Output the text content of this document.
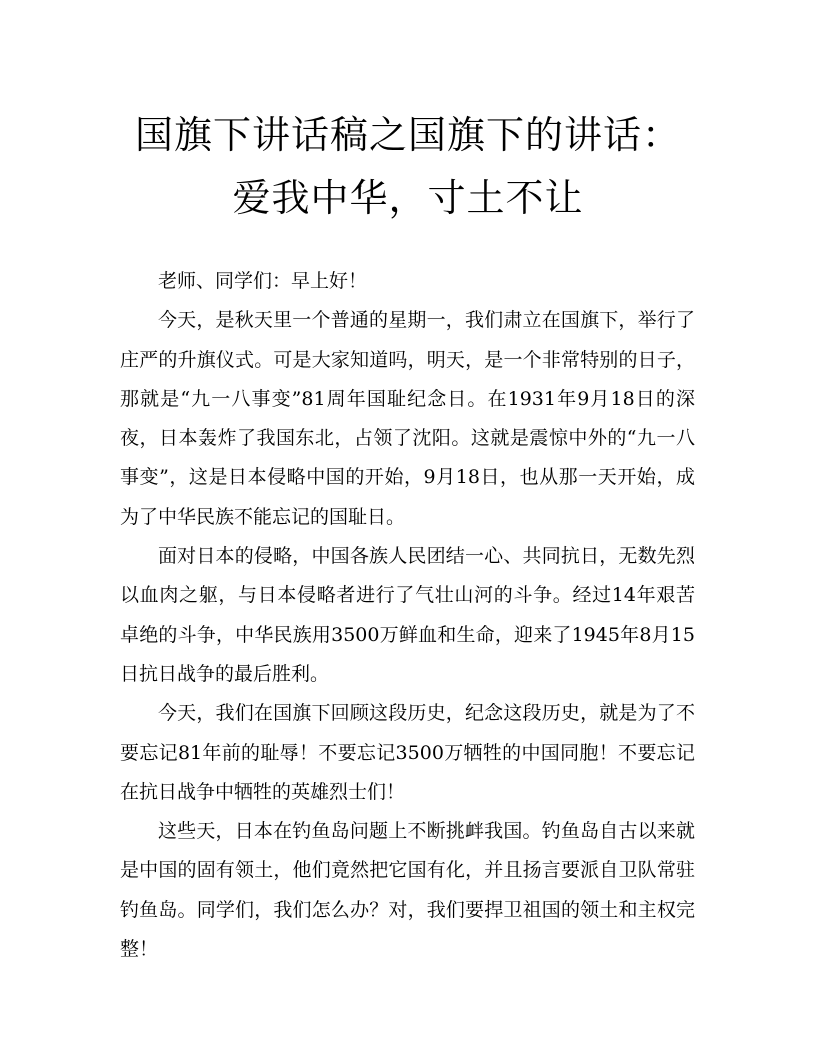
国旗下讲话稿之国旗下的讲话：爱我中华，寸土不让

老师、同学们：早上好！

今天，是秋天里一个普通的星期一，我们肃立在国旗下，举行了庄严的升旗仪式。可是大家知道吗，明天，是一个非常特别的日子，那就是“九一八事变”81周年国耻纪念日。在1931年9月18日的深夜，日本轰炸了我国东北，占领了沈阳。这就是震惊中外的“九一八事变”，这是日本侵略中国的开始，9月18日，也从那一天开始，成为了中华民族不能忘记的国耻日。

面对日本的侵略，中国各族人民团结一心、共同抗日，无数先烈以血肉之躯，与日本侵略者进行了气壮山河的斗争。经过14年艰苦卓绝的斗争，中华民族用3500万鲜血和生命，迎来了1945年8月15日抗日战争的最后胜利。

今天，我们在国旗下回顾这段历史，纪念这段历史，就是为了不要忘记81年前的耻辱！不要忘记3500万牺牲的中国同胞！不要忘记在抗日战争中牺牲的英雄烈士们！

这些天，日本在钓鱼岛问题上不断挑衅我国。钓鱼岛自古以来就是中国的固有领土，他们竟然把它国有化，并且扬言要派自卫队常驻钓鱼岛。同学们，我们怎么办？对，我们要捍卫祖国的领土和主权完整！
